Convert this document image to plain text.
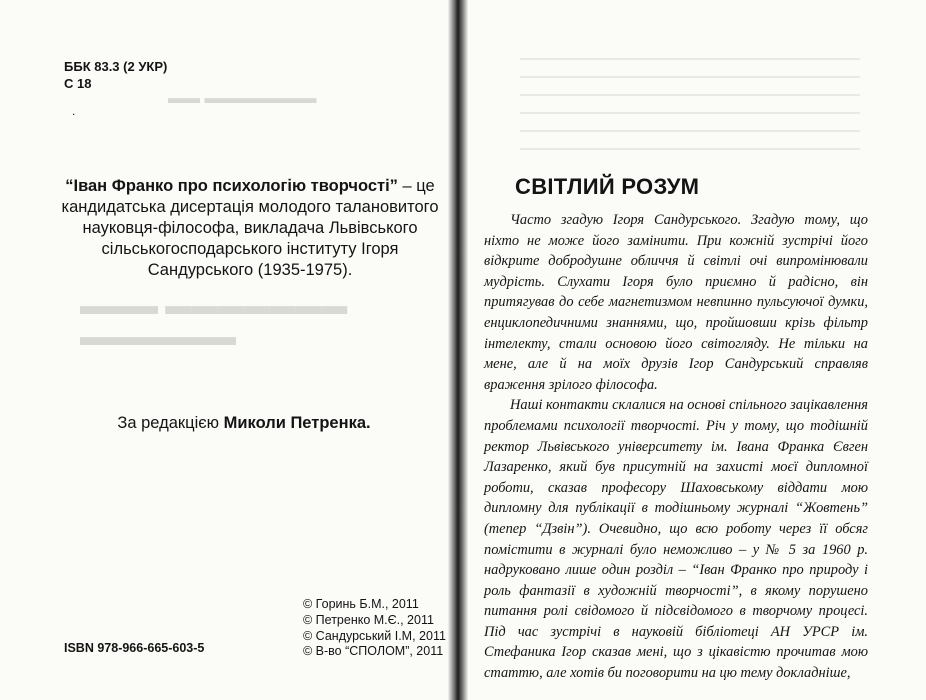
▬▬ ▬▬▬▬▬▬▬
▬▬▬ ▬▬▬▬▬▬▬ ▬▬▬▬▬▬
ББК 83.3 (2 УКР)
С 18
.
“Іван Франко про психологію творчості” – це кандидатська дисертація молодого талановитого науковця-філософа, викладача Львівського сільськогосподарського інституту Ігоря Сандурського (1935-1975).
За редакцією Миколи Петренка.
ISBN 978-966-665-603-5
© Горинь Б.М., 2011
© Петренко М.Є., 2011
© Сандурський І.М, 2011
© В-во “СПОЛОМ”, 2011
СВІТЛИЙ РОЗУМ

Часто згадую Ігоря Сандурського. Згадую тому, що ніхто не може його замінити. При кожній зустрічі його відкрите добродушне обличчя й світлі очі випромінювали мудрість. Слухати Ігоря було приємно й радісно, він притягував до себе магнетизмом невпинно пульсуючої думки, енциклопедичними знаннями, що, пройшовши крізь фільтр інтелекту, стали основою його світогляду. Не тільки на мене, але й на моїх друзів Ігор Сандурський справляв враження зрілого філософа.

Наші контакти склалися на основі спільного зацікавлення проблемами психології творчості. Річ у тому, що тодішній ректор Львівського університету ім. Івана Франка Євген Лазаренко, який був присутній на захисті моєї дипломної роботи, сказав професору Шаховському віддати мою дипломну для публікації в тодішньому журналі “Жовтень” (тепер “Дзвін”). Очевидно, що всю роботу через її обсяг помістити в журналі було неможливо – у № 5 за 1960 р. надруковано лише один розділ – “Іван Франко про природу і роль фантазії в художній творчості”, в якому порушено питання ролі свідомого й підсвідомого в творчому процесі. Під час зустрічі в науковій бібліотеці АН УРСР ім. Стефаника Ігор сказав мені, що з цікавістю прочитав мою статтю, але хотів би поговорити на цю тему докладніше,
